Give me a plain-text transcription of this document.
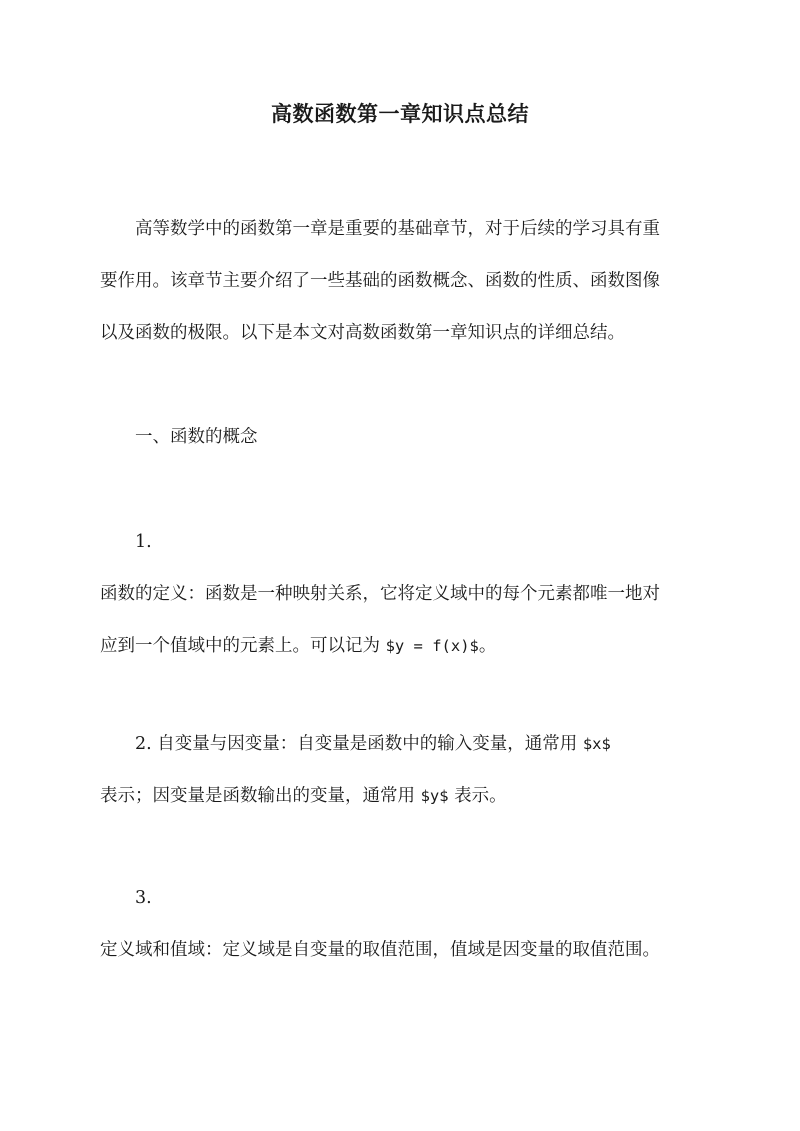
高数函数第一章知识点总结
高等数学中的函数第一章是重要的基础章节，对于后续的学习具有重
要作用。该章节主要介绍了一些基础的函数概念、函数的性质、函数图像
以及函数的极限。以下是本文对高数函数第一章知识点的详细总结。
一、函数的概念
1.
函数的定义：函数是一种映射关系，它将定义域中的每个元素都唯一地对
应到一个值域中的元素上。可以记为 $y = f(x)$。
2. 自变量与因变量：自变量是函数中的输入变量，通常用 $x$
表示；因变量是函数输出的变量，通常用 $y$ 表示。
3.
定义域和值域：定义域是自变量的取值范围，值域是因变量的取值范围。
